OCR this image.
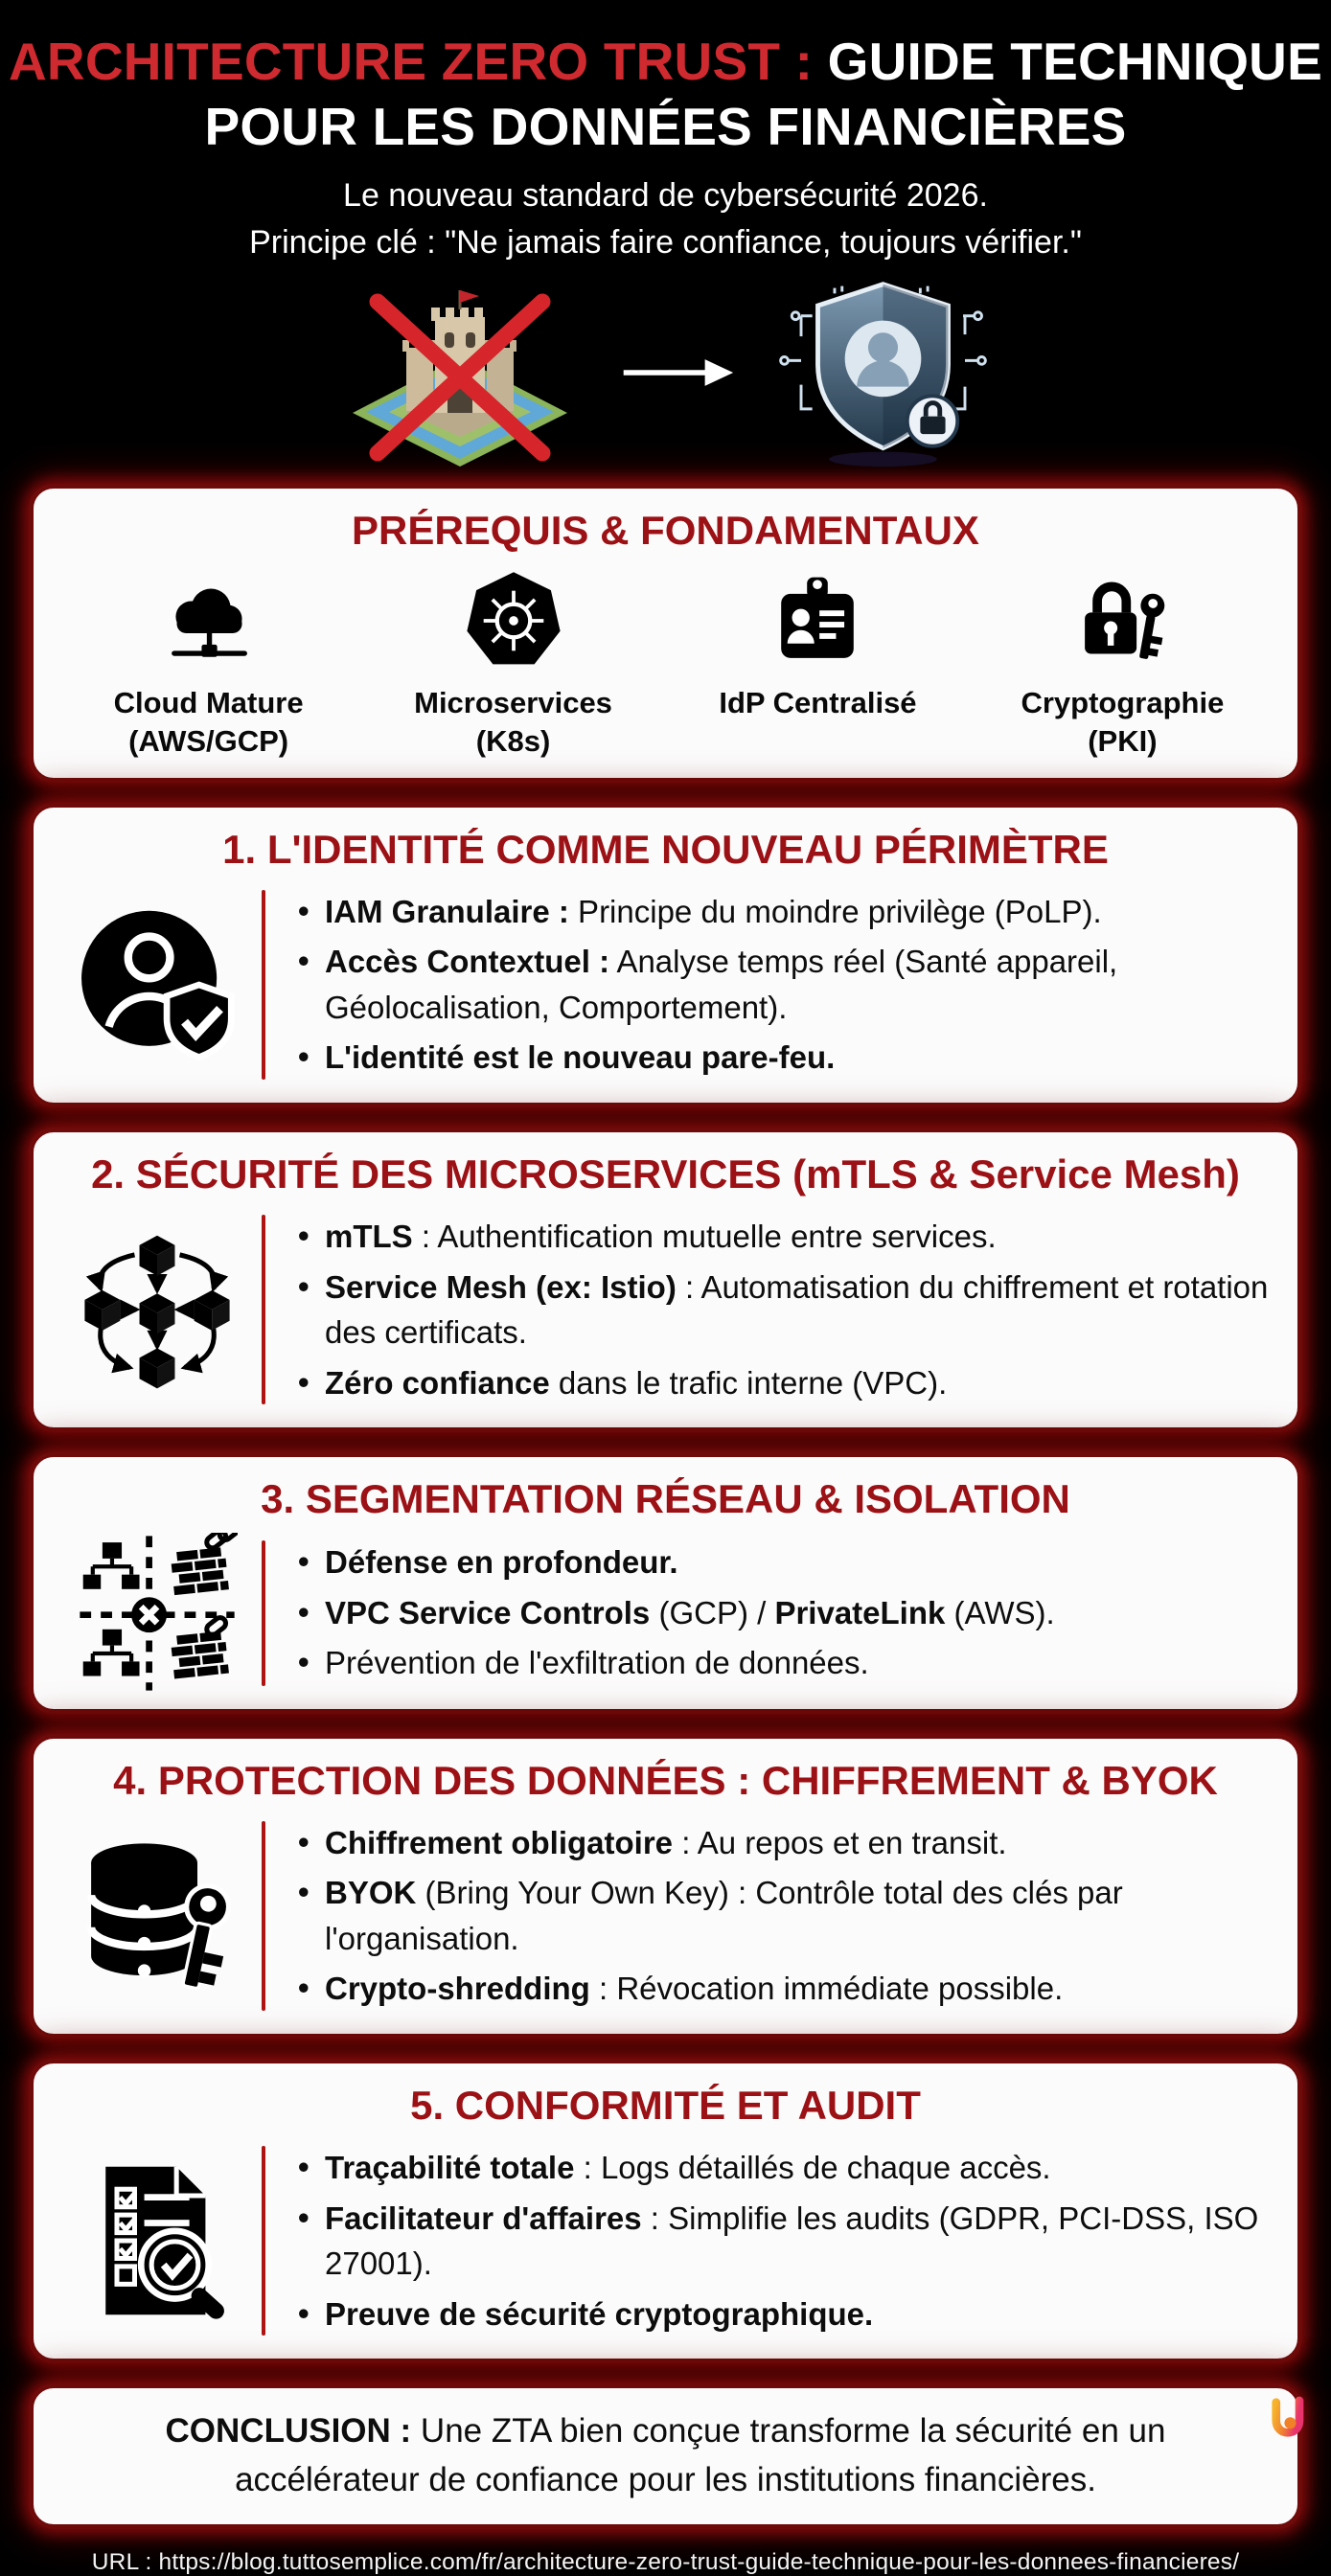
ARCHITECTURE ZERO TRUST : GUIDE TECHNIQUE
POUR LES DONNÉES FINANCIÈRES
Le nouveau standard de cybersécurité 2026.
Principe clé : "Ne jamais faire confiance, toujours vérifier."
PRÉREQUIS & FONDAMENTAUX
Cloud Mature
(AWS/GCP)
Microservices
(K8s)
IdP Centralisé	Cryptographie
(PKI)
1. L'IDENTITÉ COMME NOUVEAU PÉRIMÈTRE
• IAM Granulaire : Principe du moindre privilège (PoLP).
• Accès Contextuel : Analyse temps réel (Santé appareil, Géolocalisation, Comportement).
• L'identité est le nouveau pare-feu.
2. SÉCURITÉ DES MICROSERVICES (mTLS & Service Mesh)
• mTLS : Authentification mutuelle entre services.
• Service Mesh (ex: Istio) : Automatisation du chiffrement et rotation des certificats.
• Zéro confiance dans le trafic interne (VPC).
3. SEGMENTATION RÉSEAU & ISOLATION
• Défense en profondeur.
• VPC Service Controls (GCP) / PrivateLink (AWS).
• Prévention de l'exfiltration de données.
4. PROTECTION DES DONNÉES : CHIFFREMENT & BYOK
• Chiffrement obligatoire : Au repos et en transit.
• BYOK (Bring Your Own Key) : Contrôle total des clés par l'organisation.
• Crypto-shredding : Révocation immédiate possible.
5. CONFORMITÉ ET AUDIT
• Traçabilité totale : Logs détaillés de chaque accès.
• Facilitateur d'affaires : Simplifie les audits (GDPR, PCI-DSS, ISO 27001).
• Preuve de sécurité cryptographique.
CONCLUSION : Une ZTA bien conçue transforme la sécurité en un accélérateur de confiance pour les institutions financières.
URL : https://blog.tuttosemplice.com/fr/architecture-zero-trust-guide-technique-pour-les-donnees-financieres/
